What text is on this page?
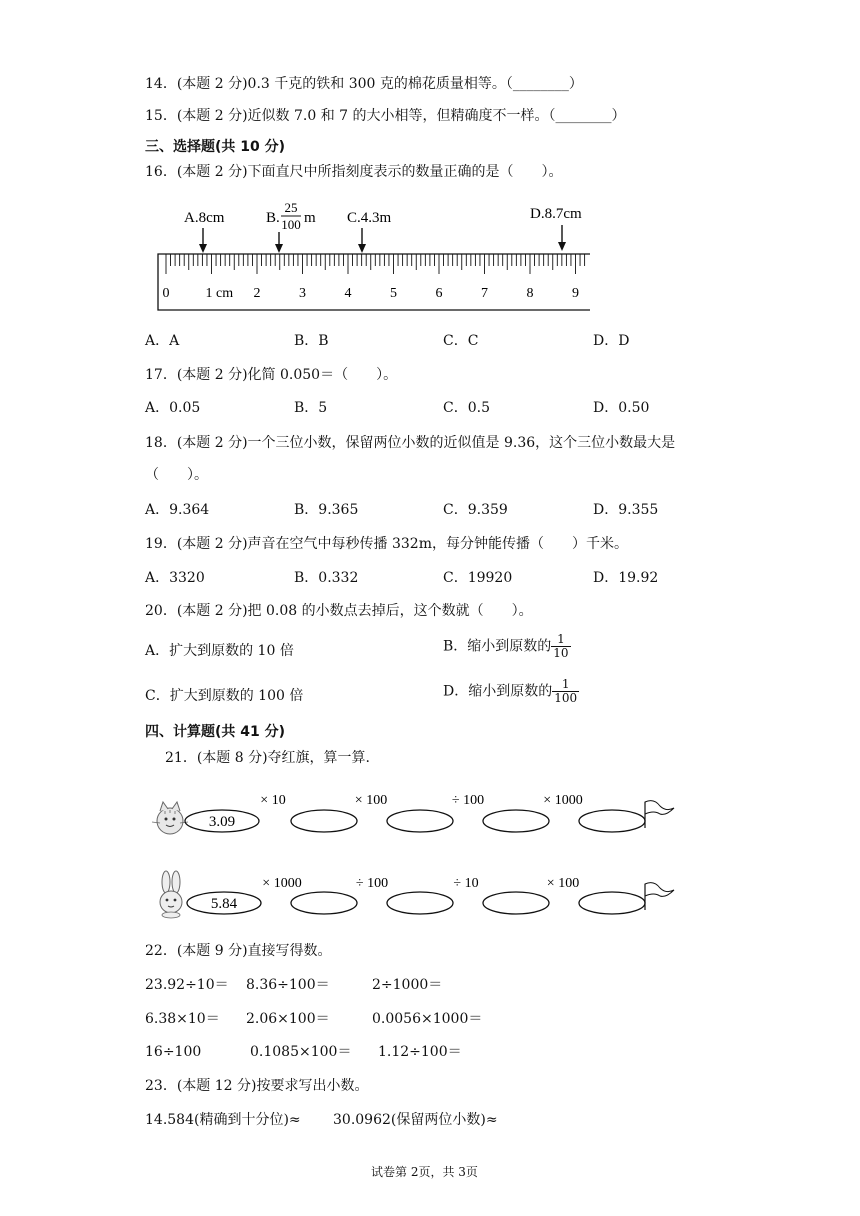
14．(本题 2 分)0.3 千克的铁和 300 克的棉花质量相等。（________）
15．(本题 2 分)近似数 7.0 和 7 的大小相等，但精确度不一样。（________）
三、选择题(共 10 分)
16．(本题 2 分)下面直尺中所指刻度表示的数量正确的是（　　）。
A.8cm	B.
25
100 m C.4.3m	D.8.7cm
0	1 cm 2	3	4	5	6	7	8	9
A．A	B．B	C．C	D．D
17．(本题 2 分)化简 0.050＝（　　）。
A．0.05	B．5	C．0.5	D．0.50
18．(本题 2 分)一个三位小数，保留两位小数的近似值是 9.36，这个三位小数最大是
（　　）。
A．9.364	B．9.365	C．9.359	D．9.355
19．(本题 2 分)声音在空气中每秒传播 332m，每分钟能传播（　　）千米。
A．3320	B．0.332	C．19920	D．19.92
20．(本题 2 分)把 0.08 的小数点去掉后，这个数就（　　）。
A．扩大到原数的 10 倍	B．缩小到原数的 $\frac{1}{10}$
C．扩大到原数的 100 倍	D．缩小到原数的 $\frac{1}{100}$
四、计算题(共 41 分)
21．(本题 8 分)夺红旗，算一算.
3.09
× 10	× 100	÷ 100	× 1000
5.84
× 1000	÷ 100	÷ 10	× 100
22．(本题 9 分)直接写得数。
23.92÷10＝ 8.36÷100＝	2÷1000＝
6.38×10＝ 2.06×100＝	0.0056×1000＝
16÷100	0.1085×100＝ 1.12÷100＝
23．(本题 12 分)按要求写出小数。
14.584(精确到十分位)≈ 30.0962(保留两位小数)≈
试卷第 2页，共 3页
